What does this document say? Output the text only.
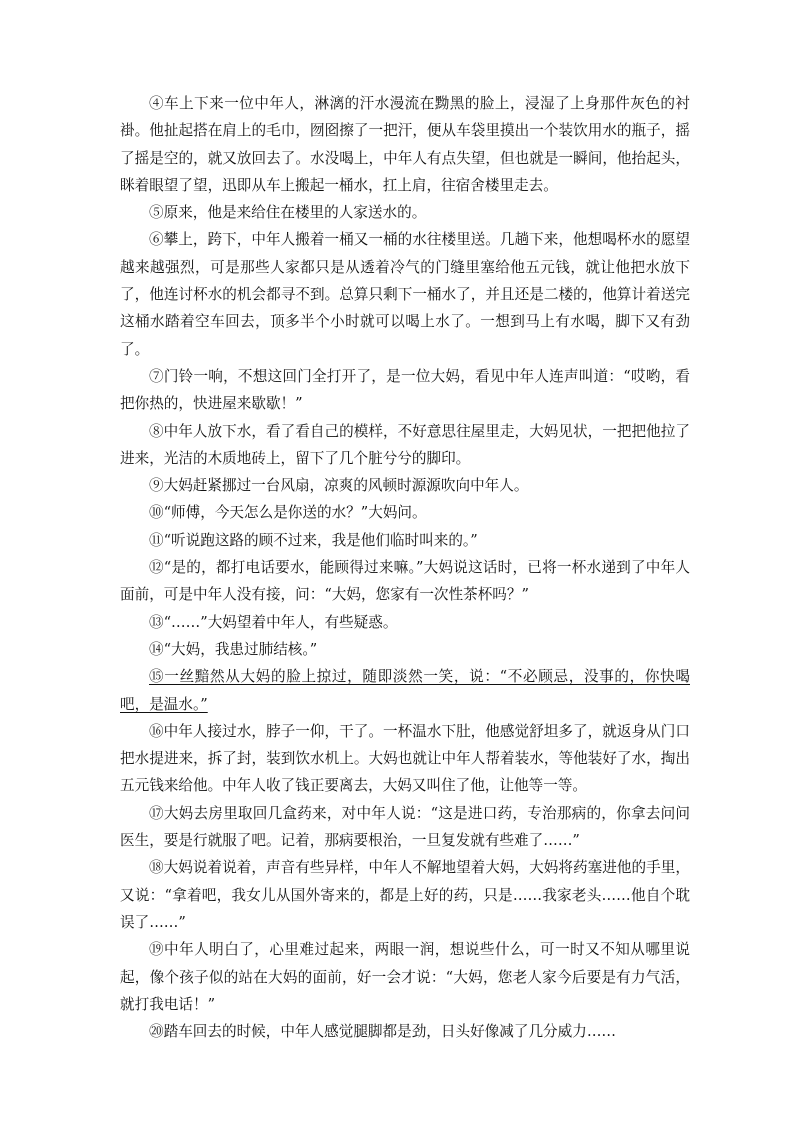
④车上下来一位中年人，淋漓的汗水漫流在黝黑的脸上，浸湿了上身那件灰色的衬褂。他扯起搭在肩上的毛巾，囫囵擦了一把汗，便从车袋里摸出一个装饮用水的瓶子，摇了摇是空的，就又放回去了。水没喝上，中年人有点失望，但也就是一瞬间，他抬起头，眯着眼望了望，迅即从车上搬起一桶水，扛上肩，往宿舍楼里走去。

⑤原来，他是来给住在楼里的人家送水的。

⑥攀上，跨下，中年人搬着一桶又一桶的水往楼里送。几趟下来，他想喝杯水的愿望越来越强烈，可是那些人家都只是从透着冷气的门缝里塞给他五元钱，就让他把水放下了，他连讨杯水的机会都寻不到。总算只剩下一桶水了，并且还是二楼的，他算计着送完这桶水踏着空车回去，顶多半个小时就可以喝上水了。一想到马上有水喝，脚下又有劲了。

⑦门铃一响，不想这回门全打开了，是一位大妈，看见中年人连声叫道：“哎哟，看把你热的，快进屋来歇歇！”

⑧中年人放下水，看了看自己的模样，不好意思往屋里走，大妈见状，一把把他拉了进来，光洁的木质地砖上，留下了几个脏兮兮的脚印。

⑨大妈赶紧挪过一台风扇，凉爽的风顿时源源吹向中年人。

⑩“师傅，今天怎么是你送的水？”大妈问。

⑪“听说跑这路的顾不过来，我是他们临时叫来的。”

⑫“是的，都打电话要水，能顾得过来嘛。”大妈说这话时，已将一杯水递到了中年人面前，可是中年人没有接，问：“大妈，您家有一次性茶杯吗？”

⑬“……”大妈望着中年人，有些疑惑。

⑭“大妈，我患过肺结核。”

⑮一丝黯然从大妈的脸上掠过，随即淡然一笑，说：“不必顾忌，没事的，你快喝吧，是温水。”

⑯中年人接过水，脖子一仰，干了。一杯温水下肚，他感觉舒坦多了，就返身从门口把水提进来，拆了封，装到饮水机上。大妈也就让中年人帮着装水，等他装好了水，掏出五元钱来给他。中年人收了钱正要离去，大妈又叫住了他，让他等一等。

⑰大妈去房里取回几盒药来，对中年人说：“这是进口药，专治那病的，你拿去问问医生，要是行就服了吧。记着，那病要根治，一旦复发就有些难了……”

⑱大妈说着说着，声音有些异样，中年人不解地望着大妈，大妈将药塞进他的手里，又说：“拿着吧，我女儿从国外寄来的，都是上好的药，只是……我家老头……他自个耽误了……”

⑲中年人明白了，心里难过起来，两眼一润，想说些什么，可一时又不知从哪里说起，像个孩子似的站在大妈的面前，好一会才说：“大妈，您老人家今后要是有力气活，就打我电话！”

⑳踏车回去的时候，中年人感觉腿脚都是劲，日头好像减了几分威力……
